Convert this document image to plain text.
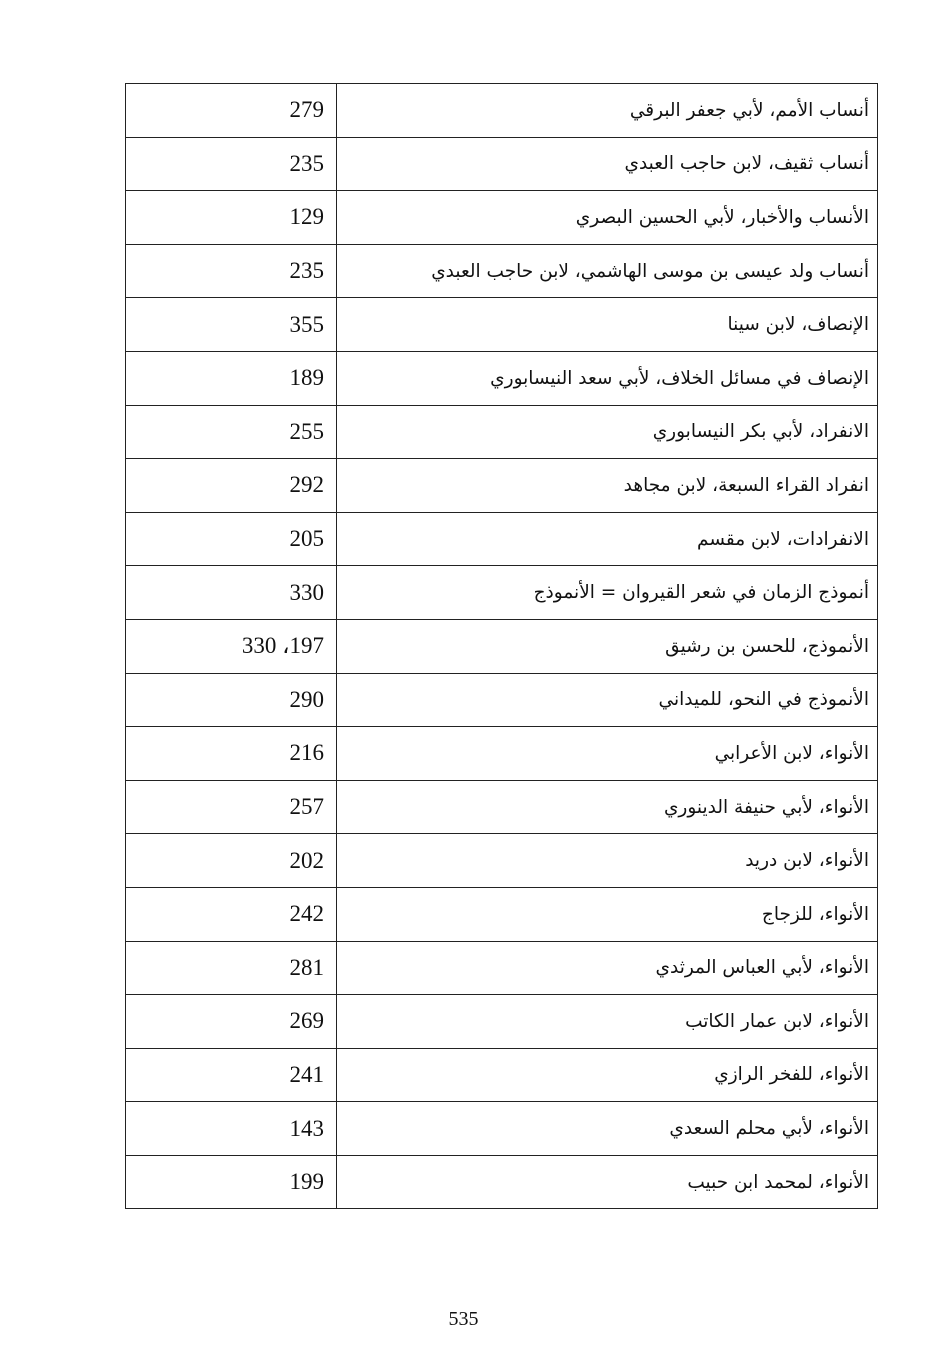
279	أنساب الأمم، لأبي جعفر البرقي
235	أنساب ثقيف، لابن حاجب العبدي
129	الأنساب والأخبار، لأبي الحسين البصري
235	أنساب ولد عيسى بن موسى الهاشمي، لابن حاجب العبدي
355	الإنصاف، لابن سينا
189	الإنصاف في مسائل الخلاف، لأبي سعد النيسابوري
255	الانفراد، لأبي بكر النيسابوري
292	انفراد القراء السبعة، لابن مجاهد
205	الانفرادات، لابن مقسم
330	أنموذج الزمان في شعر القيروان = الأنموذج
197، 330	الأنموذج، للحسن بن رشيق
290	الأنموذج في النحو، للميداني
216	الأنواء، لابن الأعرابي
257	الأنواء، لأبي حنيفة الدينوري
202	الأنواء، لابن دريد
242	الأنواء، للزجاج
281	الأنواء، لأبي العباس المرثدي
269	الأنواء، لابن عمار الكاتب
241	الأنواء، للفخر الرازي
143	الأنواء، لأبي محلم السعدي
199	الأنواء، لمحمد ابن حبيب
535
